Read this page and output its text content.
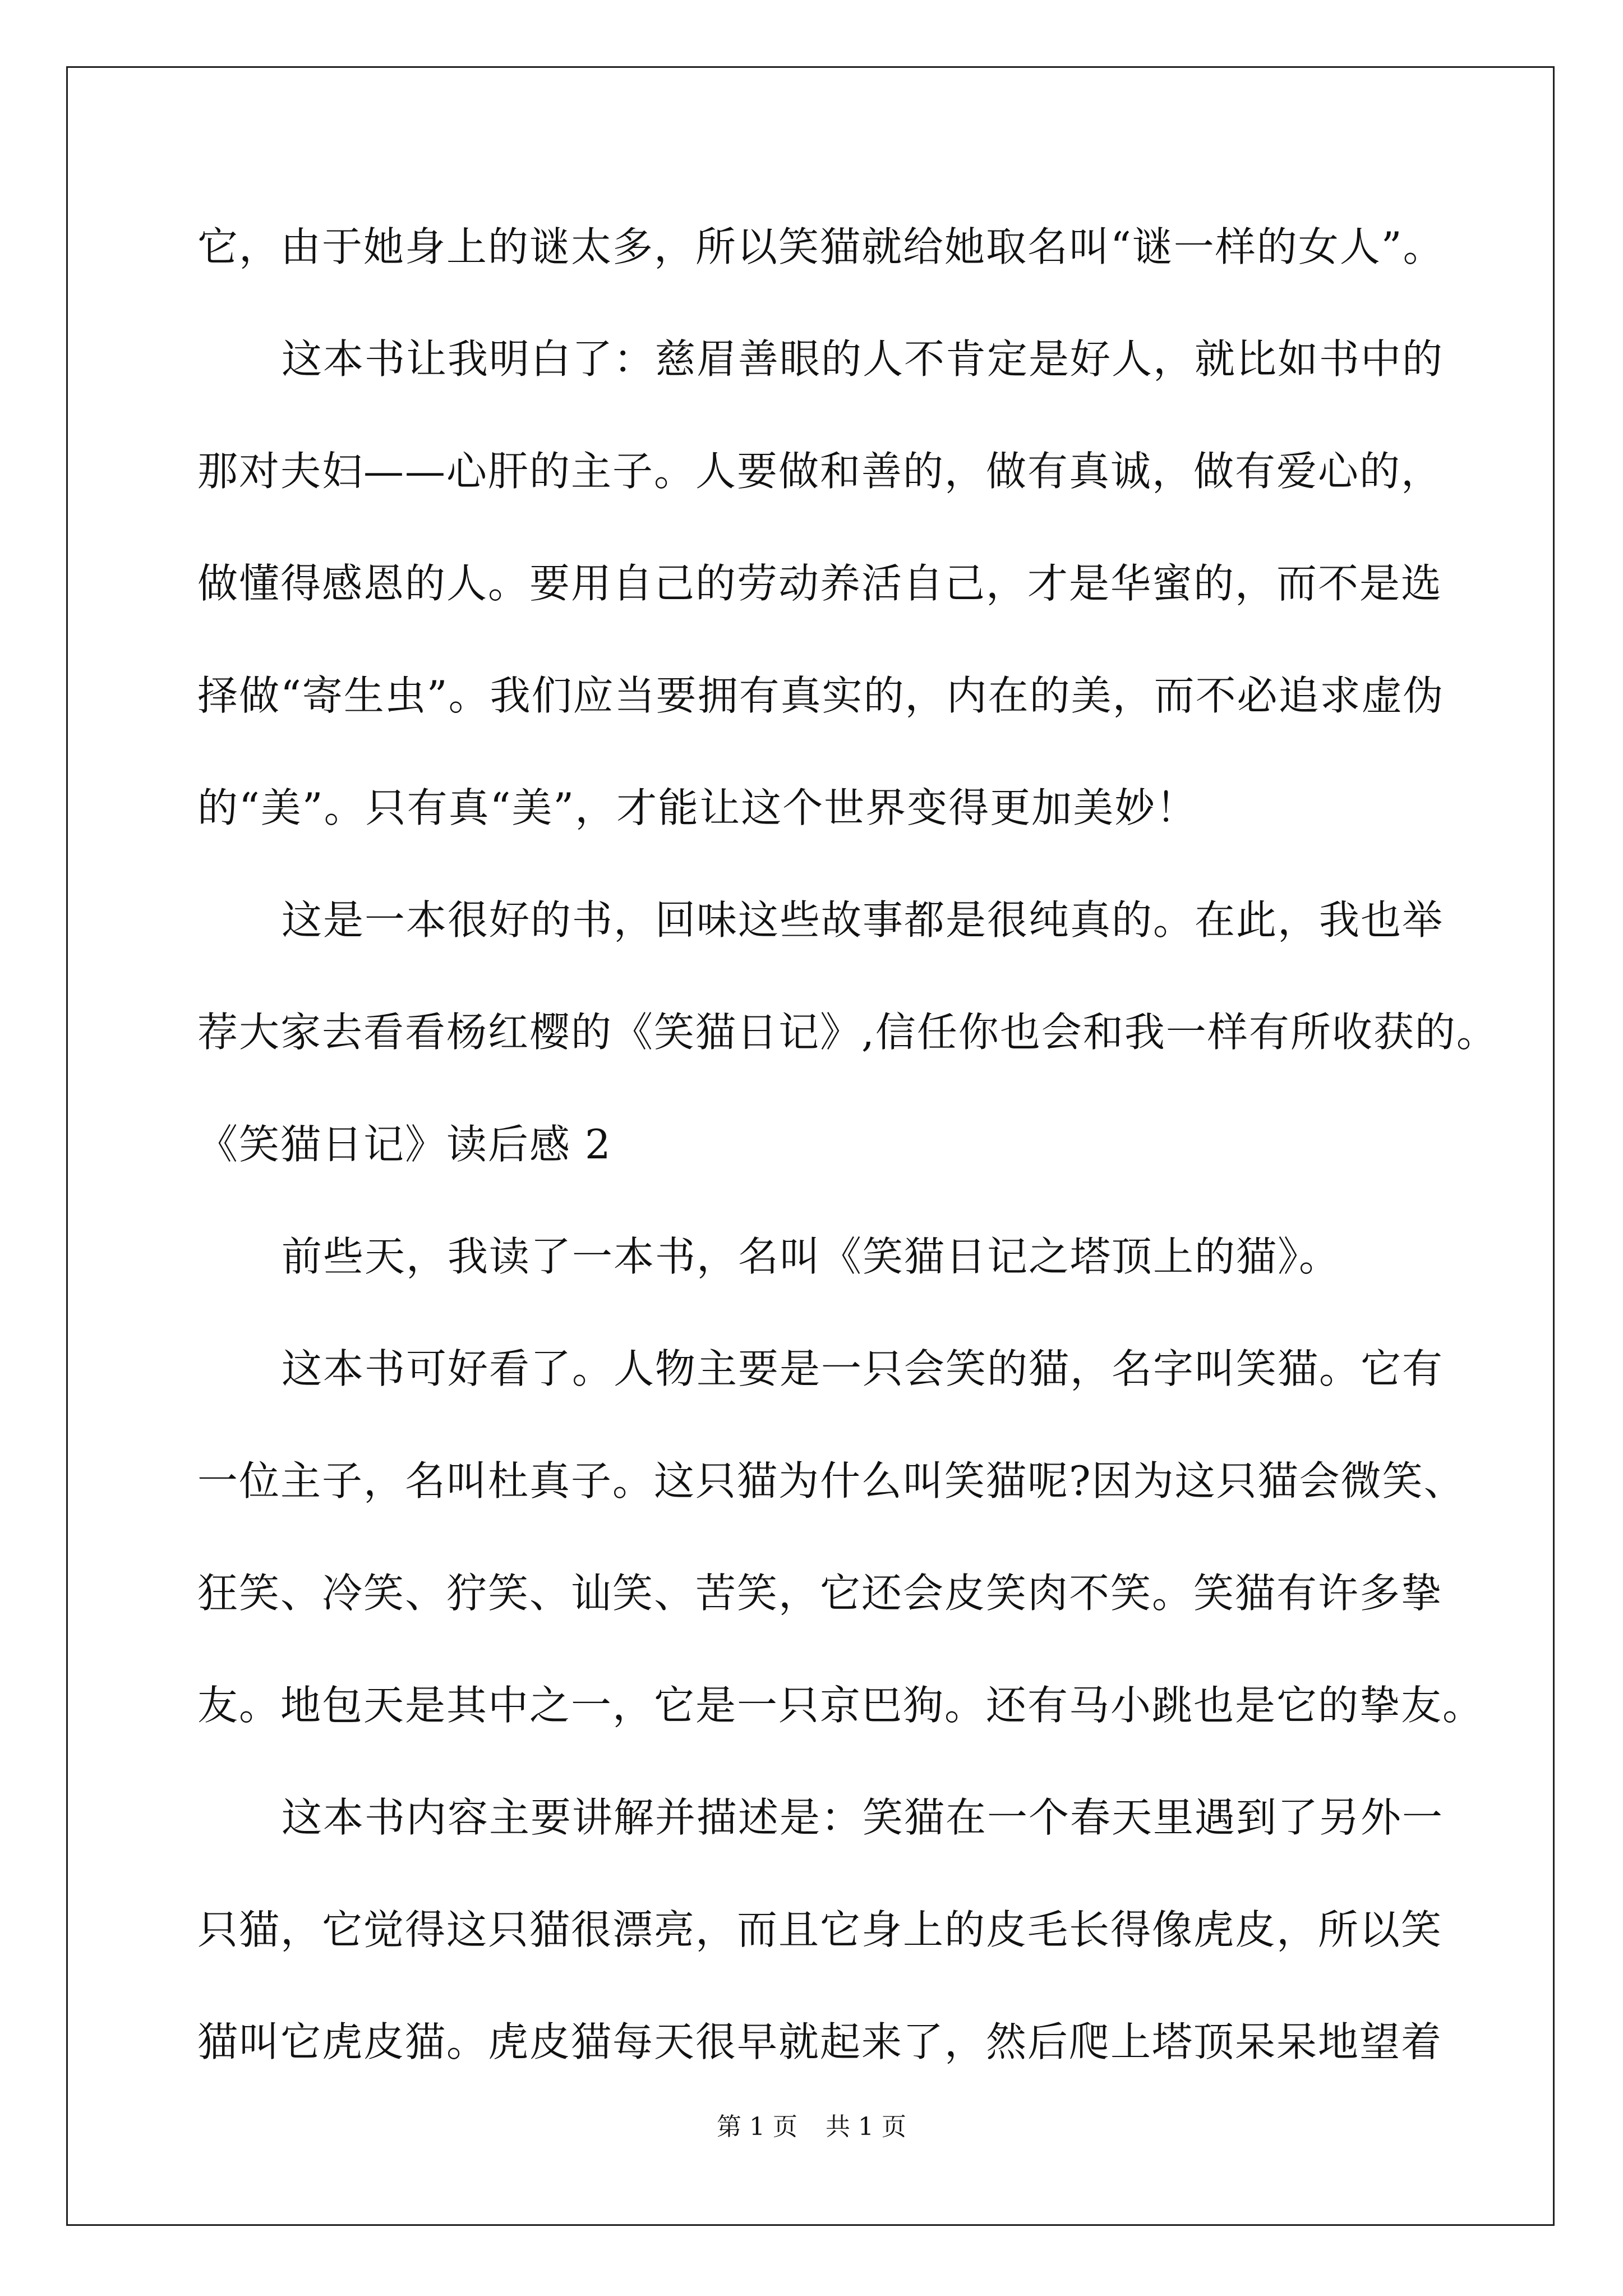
它，由于她身上的谜太多，所以笑猫就给她取名叫“谜一样的女人”。
这本书让我明白了：慈眉善眼的人不肯定是好人，就比如书中的
那对夫妇——心肝的主子。人要做和善的，做有真诚，做有爱心的，
做懂得感恩的人。要用自己的劳动养活自己，才是华蜜的，而不是选
择做“寄生虫”。我们应当要拥有真实的，内在的美，而不必追求虚伪
的“美”。只有真“美”，才能让这个世界变得更加美妙！
这是一本很好的书，回味这些故事都是很纯真的。在此，我也举
荐大家去看看杨红樱的《笑猫日记》,信任你也会和我一样有所收获的。
《笑猫日记》读后感 2
前些天，我读了一本书，名叫《笑猫日记之塔顶上的猫》。
这本书可好看了。人物主要是一只会笑的猫，名字叫笑猫。它有
一位主子，名叫杜真子。这只猫为什么叫笑猫呢?因为这只猫会微笑、
狂笑、冷笑、狞笑、讪笑、苦笑，它还会皮笑肉不笑。笑猫有许多挚
友。地包天是其中之一，它是一只京巴狗。还有马小跳也是它的挚友。
这本书内容主要讲解并描述是：笑猫在一个春天里遇到了另外一
只猫，它觉得这只猫很漂亮，而且它身上的皮毛长得像虎皮，所以笑
猫叫它虎皮猫。虎皮猫每天很早就起来了，然后爬上塔顶呆呆地望着
第 1 页 共 1 页
